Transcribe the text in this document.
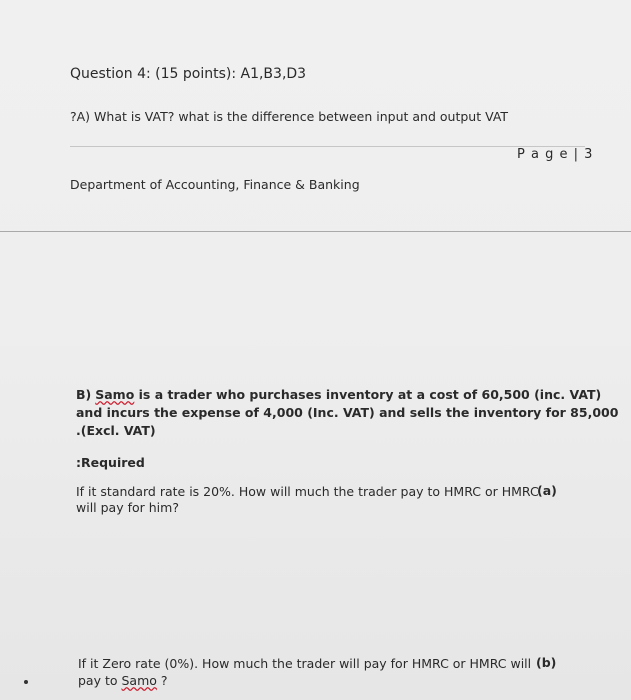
Question 4: (15 points): A1,B3,D3
?A) What is VAT? what is the difference between input and output VAT
P a g e | 3
Department of Accounting, Finance & Banking
B) Samo is a trader who purchases inventory at a cost of 60,500 (inc. VAT)
and incurs the expense of 4,000 (Inc. VAT) and sells the inventory for 85,000
.(Excl. VAT)
:Required
If it standard rate is 20%. How will much the trader pay to HMRC or HMRC
(a)
will pay for him?
If it Zero rate (0%). How much the trader will pay for HMRC or HMRC will (b)
pay to Samo ?
